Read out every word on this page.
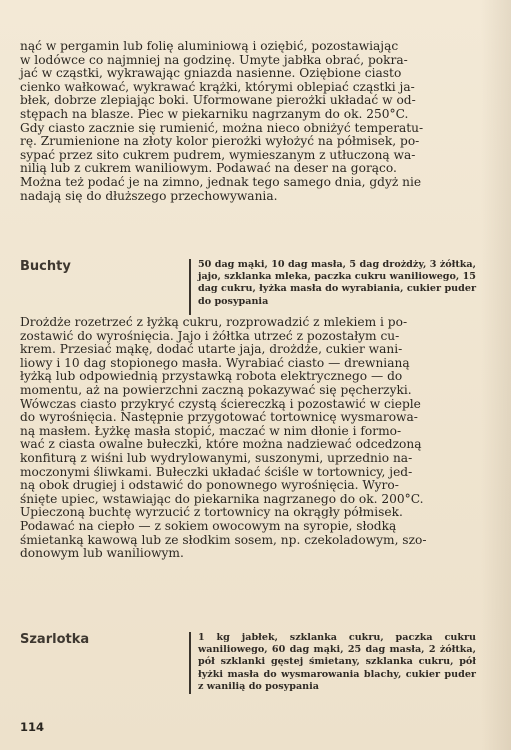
nąć w pergamin lub folię aluminiową i oziębić, pozostawiając

w lodówce co najmniej na godzinę. Umyte jabłka obrać, pokra-

jać w cząstki, wykrawając gniazda nasienne. Oziębione ciasto

cienko wałkować, wykrawać krążki, którymi oblepiać cząstki ja-

błek, dobrze zlepiając boki. Uformowane pierożki układać w od-

stępach na blasze. Piec w piekarniku nagrzanym do ok. 250°C.

Gdy ciasto zacznie się rumienić, można nieco obniżyć temperatu-

rę. Zrumienione na złoty kolor pierożki wyłożyć na półmisek, po-

sypać przez sito cukrem pudrem, wymieszanym z utłuczoną wa-

nilią lub z cukrem waniliowym. Podawać na deser na gorąco.

Można też podać je na zimno, jednak tego samego dnia, gdyż nie

nadają się do dłuższego przechowywania.

Buchty	50 dag mąki, 10 dag masła, 5 dag drożdży, 3 żółtka, jajo, szklanka mleka, paczka cukru waniliowego, 15 dag cukru, łyżka masła do wyrabiania, cukier puder do posypania

Drożdże rozetrzeć z łyżką cukru, rozprowadzić z mlekiem i po-

zostawić do wyrośnięcia. Jajo i żółtka utrzeć z pozostałym cu-

krem. Przesiać mąkę, dodać utarte jaja, drożdże, cukier wani-

liowy i 10 dag stopionego masła. Wyrabiać ciasto — drewnianą

łyżką lub odpowiednią przystawką robota elektrycznego — do

momentu, aż na powierzchni zaczną pokazywać się pęcherzyki.

Wówczas ciasto przykryć czystą ściereczką i pozostawić w cieple

do wyrośnięcia. Następnie przygotować tortownicę wysmarowa-

ną masłem. Łyżkę masła stopić, maczać w nim dłonie i formo-

wać z ciasta owalne bułeczki, które można nadziewać odcedzoną

konfiturą z wiśni lub wydrylowanymi, suszonymi, uprzednio na-

moczonymi śliwkami. Bułeczki układać ściśle w tortownicy, jed-

ną obok drugiej i odstawić do ponownego wyrośnięcia. Wyro-

śnięte upiec, wstawiając do piekarnika nagrzanego do ok. 200°C.

Upieczoną buchtę wyrzucić z tortownicy na okrągły półmisek.

Podawać na ciepło — z sokiem owocowym na syropie, słodką

śmietanką kawową lub ze słodkim sosem, np. czekoladowym, szo-

donowym lub waniliowym.

Szarlotka	1 kg jabłek, szklanka cukru, paczka cukru waniliowego, 60 dag mąki, 25 dag masła, 2 żółtka, pół szklanki gęstej śmietany, szklanka cukru, pół łyżki masła do wysmarowania blachy, cukier puder z wanilią do posypania
114
